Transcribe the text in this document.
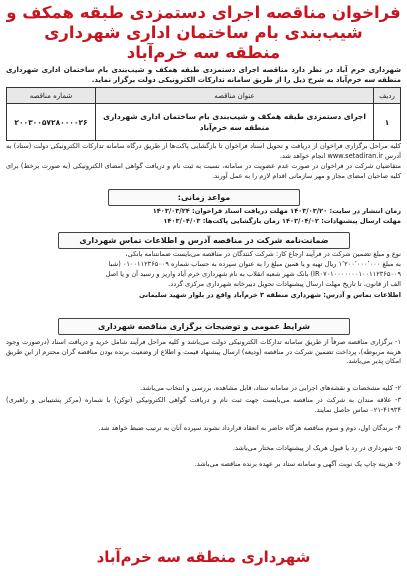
فراخوان مناقصه اجرای دستمزدی طبقه همکف و
شیب‌بندی بام ساختمان اداری شهرداری
منطقه سه خرم‌آباد
شهرداری خرم آباد در نظر دارد مناقصه اجرای دستمزدی طبقه همکف و شیب‌بندی بام ساختمان اداری شهرداری منطقه سه خرم‌آباد به شرح ذیل را از طریق سامانه تدارکات الکترونیکی دولت برگزار نماید.
ردیف	عنوان مناقصه	شماره مناقصه
۱	اجرای دستمزدی طبقه همکف و شیب‌بندی بام ساختمان اداری شهرداری منطقه سه خرم‌آباد	۲۰۰۳۰۰۵۷۲۸۰۰۰۰۲۶
کلیه مراحل برگزاری فراخوان از دریافت و تحویل اسناد فراخوان تا بازگشایی پاکت‌ها از طریق درگاه سامانه تدارکات الکترونیکی دولت (ستاد) به آدرس www.setadiran.ir انجام خواهد شد.
متقاضیان شرکت در فراخوان در صورت عدم عضویت در سامانه، نسبت به ثبت نام و دریافت گواهی امضای الکترونیکی (به صورت برخط) برای کلیه صاحبان امضای مجاز و مهر سازمانی اقدام لازم را به عمل آورند.
مواعد زمانی:
زمان انتشار در سایت: ۱۴۰۳/۰۳/۲۰ مهلت دریافت اسناد فراخوان: ۱۴۰۳/۰۳/۲۴
مهلت ارسال پیشنهادات: ۱۴۰۳/۰۴/۰۲ زمان بازگشایی پاکت‌ها: ۱۴۰۳/۰۴/۰۳
ضمانت‌نامه شرکت در مناقصه آدرس و اطلاعات تماس شهرداری
نوع و مبلغ تضمین شرکت در فرآیند ارجاع کار: شرکت کنندگان در مناقصه می‌بایست ضمانتنامه بانکی،
به مبلغ ۱٬۲۰۰٬۰۰۰٬۰۰۰ ریال تهیه و یا همین مبلغ را به عنوان سپرده به حساب شماره ۰۱۰۰۱۱۲۳۶۵۰۰۹ (شبا
IR۰۷۰۱۰۰۰۰۰۰۰۱۰۰۱۱۲۳۶۵۰۰۹) بانک شهر شعبه انقلاب به نام شهرداری خرم آباد واریز و رسید آن و یا اصل
الف از قانون، تا تاریخ مهلت ارسال پیشنهادات تحویل دبیرخانه شهرداری مرکزی گردد.
اطلاعات تماس و آدرس: شهرداری منطقه ۳ خرم‌آباد واقع در بلوار شهید سلیمانی
شرایط عمومی و توضیحات برگزاری مناقصه شهرداری
۱- برگزاری مناقصه صرفاً از طریق سامانه تدارکات الکترونیکی دولت می‌باشد و کلیه مراحل فرآیند شامل خرید و دریافت اسناد (درصورت وجود هزینه مربوطه)، پرداخت تضمین شرکت در مناقصه (ودیعه) ارسال پیشنهاد قیمت و اطلاع از وضعیت برنده بودن مناقصه گران محترم از این طریق امکان پذیر می‌باشد.
۲- کلیه مشخصات و نقشه‌های اجرایی در سامانه ستاد، قابل مشاهده، بررسی و انتخاب می‌باشد.
۳- علاقه مندان به شرکت در مناقصه می‌بایست جهت ثبت نام و دریافت گواهی الکترونیکی (توکن) با شماره (مرکز پشتیبانی و راهبری) ۴۱۹۳۴-۰۲۱ تماس حاصل نمایند.
۴- برندگان اول، دوم و سوم مناقصه هرگاه حاضر به انعقاد قرارداد نشوند سپرده آنان به ترتیب ضبط خواهد شد.
۵- شهرداری در رد یا قبول هریک از پیشنهادات مختار می‌باشد.
۶- هزینه چاپ یک نوبت آگهی و سامانه ستاد بر عهده برنده مناقصه می‌باشد.
شهرداری منطقه سه خرم‌آباد
